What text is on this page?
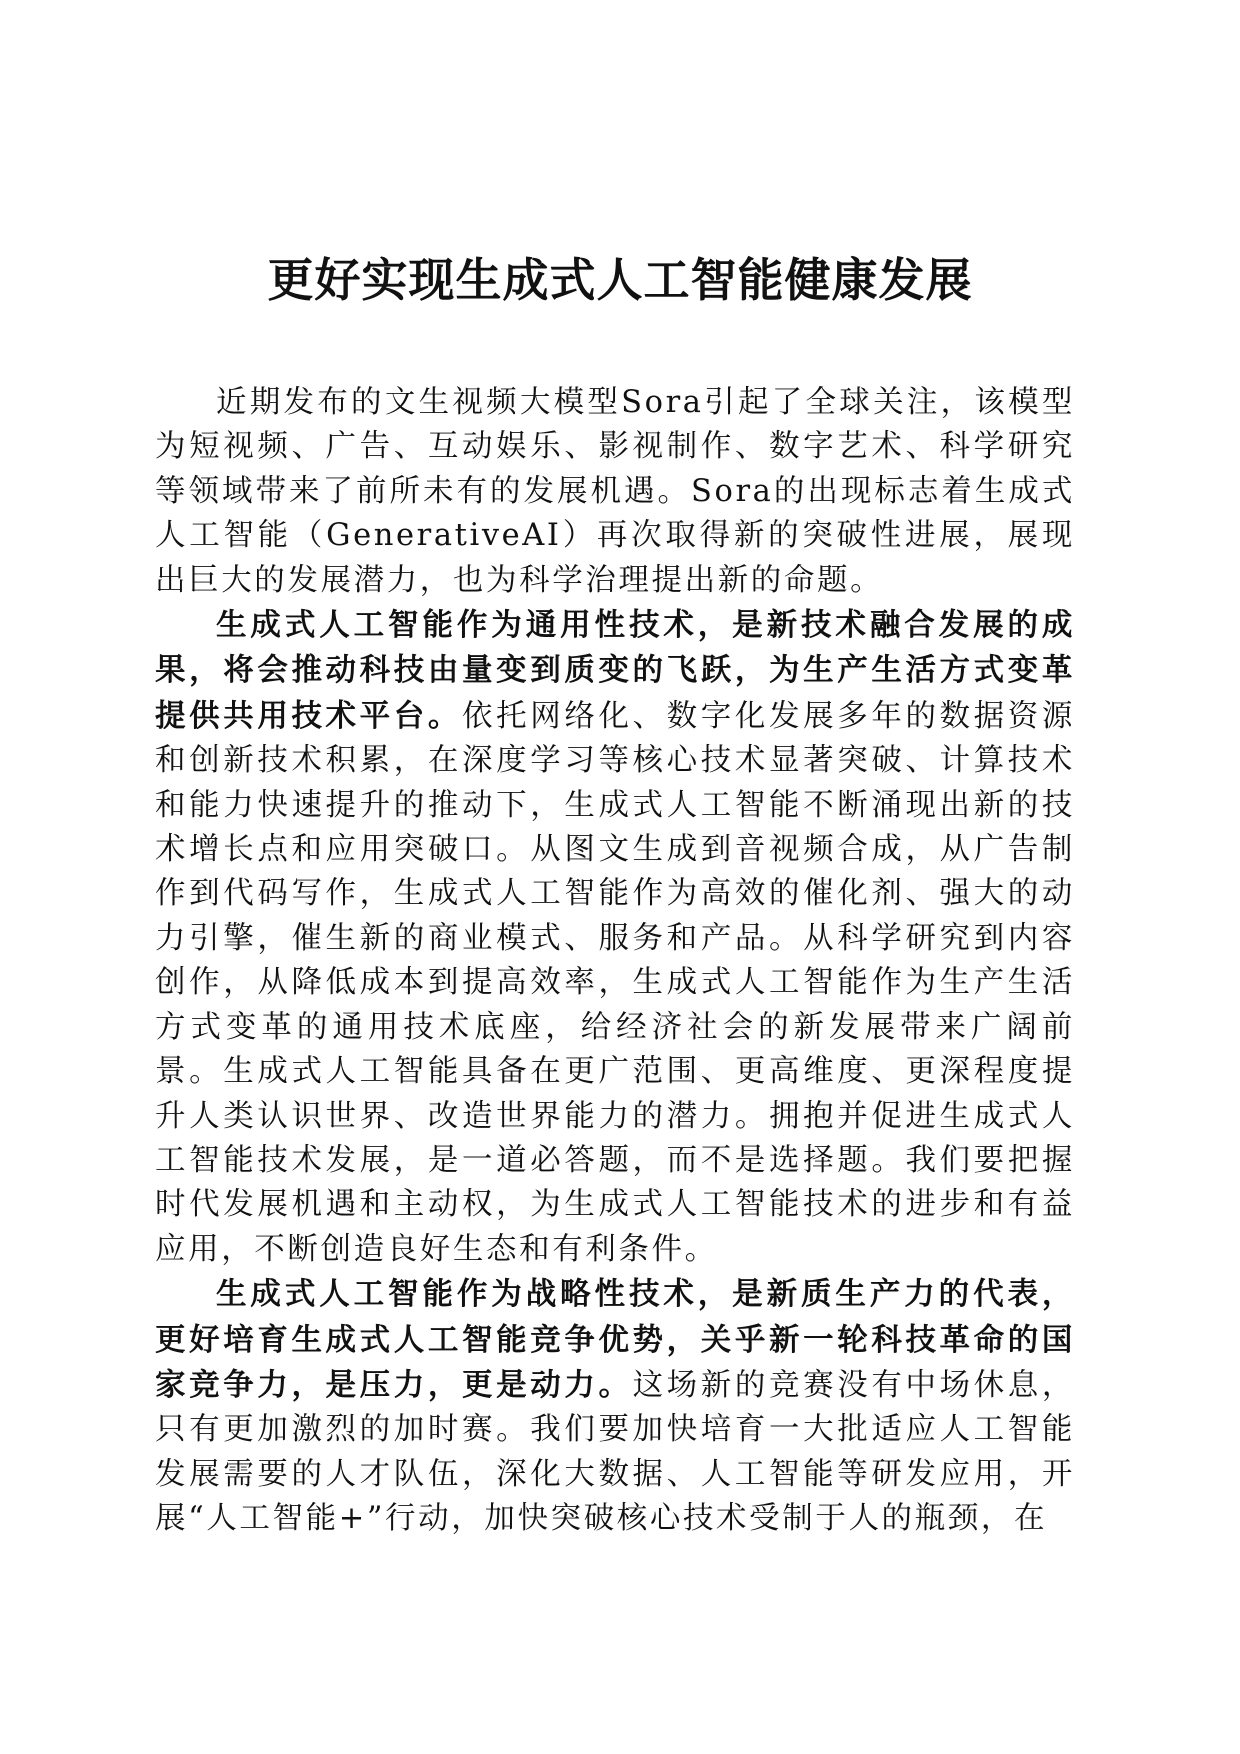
更好实现生成式人工智能健康发展

近期发布的文生视频大模型Sora引起了全球关注，该模型为短视频、广告、互动娱乐、影视制作、数字艺术、科学研究等领域带来了前所未有的发展机遇。Sora的出现标志着生成式人工智能（GenerativeAI）再次取得新的突破性进展，展现出巨大的发展潜力，也为科学治理提出新的命题。

生成式人工智能作为通用性技术，是新技术融合发展的成果，将会推动科技由量变到质变的飞跃，为生产生活方式变革提供共用技术平台。依托网络化、数字化发展多年的数据资源和创新技术积累，在深度学习等核心技术显著突破、计算技术和能力快速提升的推动下，生成式人工智能不断涌现出新的技术增长点和应用突破口。从图文生成到音视频合成，从广告制作到代码写作，生成式人工智能作为高效的催化剂、强大的动力引擎，催生新的商业模式、服务和产品。从科学研究到内容创作，从降低成本到提高效率，生成式人工智能作为生产生活方式变革的通用技术底座，给经济社会的新发展带来广阔前景。生成式人工智能具备在更广范围、更高维度、更深程度提升人类认识世界、改造世界能力的潜力。拥抱并促进生成式人工智能技术发展，是一道必答题，而不是选择题。我们要把握时代发展机遇和主动权，为生成式人工智能技术的进步和有益应用，不断创造良好生态和有利条件。

生成式人工智能作为战略性技术，是新质生产力的代表，更好培育生成式人工智能竞争优势，关乎新一轮科技革命的国家竞争力，是压力，更是动力。这场新的竞赛没有中场休息，只有更加激烈的加时赛。我们要加快培育一大批适应人工智能发展需要的人才队伍，深化大数据、人工智能等研发应用，开展“人工智能+”行动，加快突破核心技术受制于人的瓶颈，在
